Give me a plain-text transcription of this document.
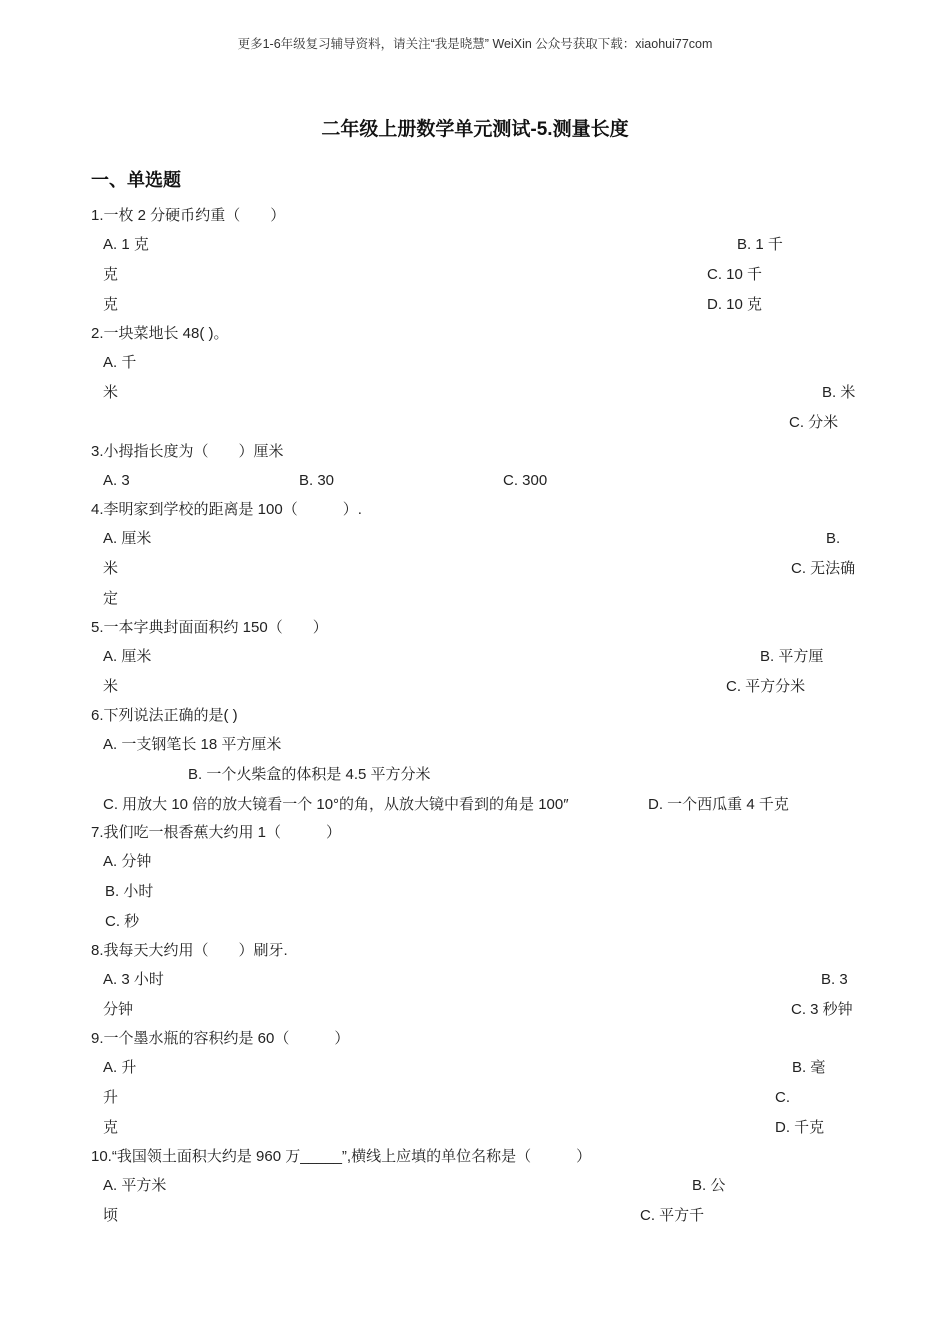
更多1-6年级复习辅导资料，请关注“我是晓慧” WeiXin 公众号获取下载：xiaohui77com
二年级上册数学单元测试-5.测量长度
一、单选题
1.一枚 2 分硬币约重（　　）
A. 1 克	B. 1 千
克	C. 10 千
克	D. 10 克
2.一块菜地长 48( )。
A. 千
米	B. 米
C. 分米
3.小拇指长度为（　　）厘米
A. 3	B. 30	C. 300
4.李明家到学校的距离是 100（　　　）.
A. 厘米	B.
米	C. 无法确
定
5.一本字典封面面积约 150（　　）
A. 厘米	B. 平方厘
米	C. 平方分米
6.下列说法正确的是( )
A. 一支钢笔长 18 平方厘米
B. 一个火柴盒的体积是 4.5 平方分米
C. 用放大 10 倍的放大镜看一个 10°的角，从放大镜中看到的角是 100″	D. 一个西瓜重 4 千克
7.我们吃一根香蕉大约用 1（　　　）
A. 分钟
B. 小时
C. 秒
8.我每天大约用（　　）刷牙.
A. 3 小时	B. 3
分钟	C. 3 秒钟
9.一个墨水瓶的容积约是 60（　　　）
A. 升	B. 毫
升	C.
克	D. 千克
10.“我国领土面积大约是 960 万_____”,横线上应填的单位名称是（　　　）
A. 平方米	B. 公
顷	C. 平方千
